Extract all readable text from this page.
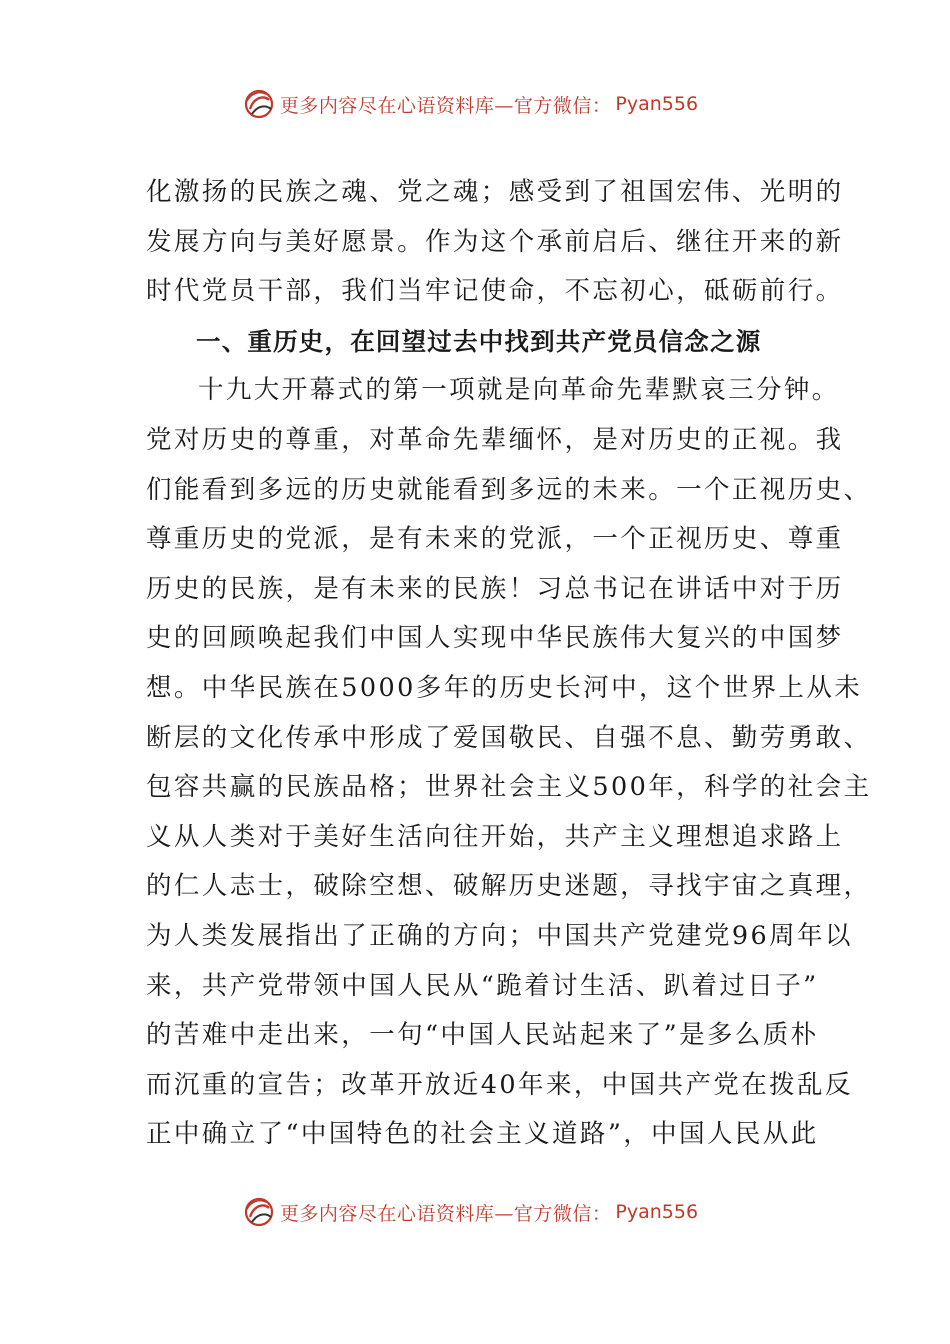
更多内容尽在心语资料库—官方微信： Pyan556
化激扬的民族之魂、党之魂；感受到了祖国宏伟、光明的
发展方向与美好愿景。作为这个承前启后、继往开来的新
时代党员干部，我们当牢记使命，不忘初心，砥砺前行。
一、重历史，在回望过去中找到共产党员信念之源
十九大开幕式的第一项就是向革命先辈默哀三分钟。
党对历史的尊重，对革命先辈缅怀，是对历史的正视。我
们能看到多远的历史就能看到多远的未来。一个正视历史、
尊重历史的党派，是有未来的党派，一个正视历史、尊重
历史的民族，是有未来的民族！习总书记在讲话中对于历
史的回顾唤起我们中国人实现中华民族伟大复兴的中国梦
想。中华民族在5000多年的历史长河中，这个世界上从未
断层的文化传承中形成了爱国敬民、自强不息、勤劳勇敢、
包容共赢的民族品格；世界社会主义500年，科学的社会主
义从人类对于美好生活向往开始，共产主义理想追求路上
的仁人志士，破除空想、破解历史迷题，寻找宇宙之真理，
为人类发展指出了正确的方向；中国共产党建党96周年以
来，共产党带领中国人民从“跪着讨生活、趴着过日子”
的苦难中走出来，一句“中国人民站起来了”是多么质朴
而沉重的宣告；改革开放近40年来，中国共产党在拨乱反
正中确立了“中国特色的社会主义道路”，中国人民从此
更多内容尽在心语资料库—官方微信： Pyan556
